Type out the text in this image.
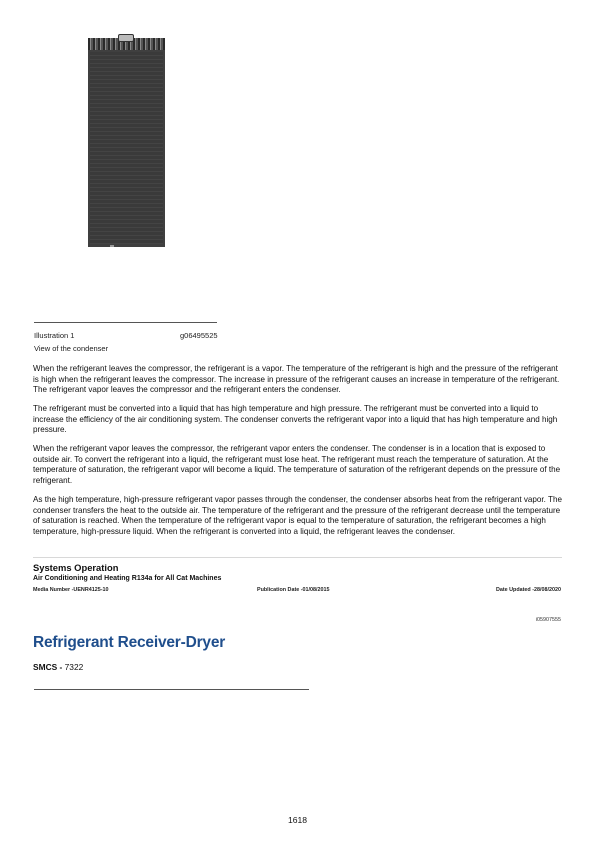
Illustration 1	g06495525
View of the condenser

When the refrigerant leaves the compressor, the refrigerant is a vapor. The temperature of the refrigerant is high and the pressure of the refrigerant is high when the refrigerant leaves the compressor. The increase in pressure of the refrigerant causes an increase in temperature of the refrigerant. The refrigerant vapor leaves the compressor and the refrigerant enters the condenser.

The refrigerant must be converted into a liquid that has high temperature and high pressure. The refrigerant must be converted into a liquid to increase the efficiency of the air conditioning system. The condenser converts the refrigerant vapor into a liquid that has high temperature and high pressure.

When the refrigerant vapor leaves the compressor, the refrigerant vapor enters the condenser. The condenser is in a location that is exposed to outside air. To convert the refrigerant into a liquid, the refrigerant must lose heat. The refrigerant must reach the temperature of saturation. At the temperature of saturation, the refrigerant vapor will become a liquid. The temperature of saturation of the refrigerant depends on the pressure of the refrigerant.

As the high temperature, high-pressure refrigerant vapor passes through the condenser, the condenser absorbs heat from the refrigerant vapor. The condenser transfers the heat to the outside air. The temperature of the refrigerant and the pressure of the refrigerant decrease until the temperature of saturation is reached. When the temperature of the refrigerant vapor is equal to the temperature of saturation, the refrigerant becomes a high temperature, high-pressure liquid. When the refrigerant is converted into a liquid, the refrigerant leaves the condenser.

Systems Operation
Air Conditioning and Heating R134a for All Cat Machines
Media Number -UENR4125-10	Publication Date -01/08/2015	Date Updated -28/08/2020
i05907555
Refrigerant Receiver-Dryer
SMCS - 7322
1618
